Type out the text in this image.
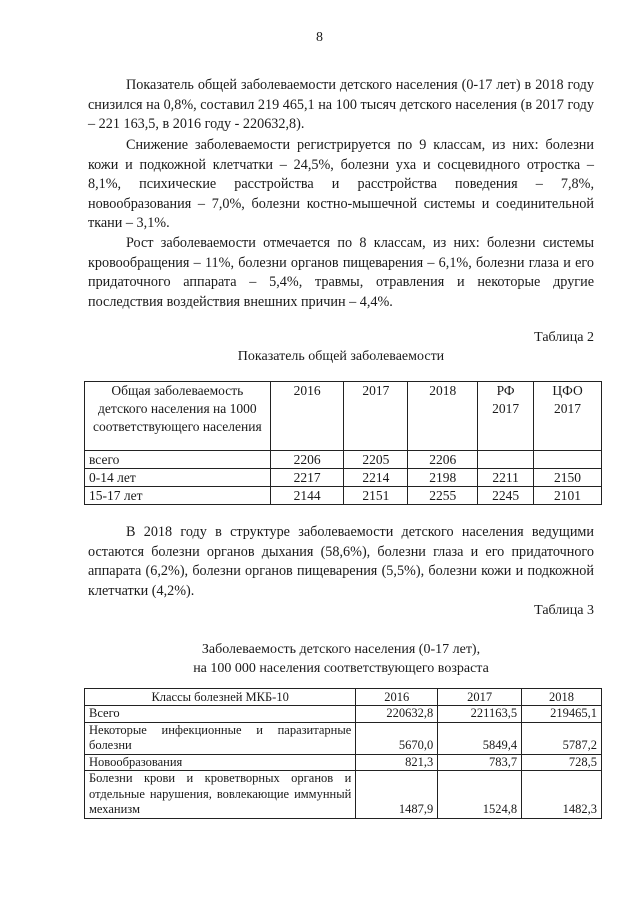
8

Показатель общей заболеваемости детского населения (0-17 лет) в 2018 году снизился на 0,8%, составил 219 465,1 на 100 тысяч детского населения (в 2017 году – 221 163,5, в 2016 году - 220632,8).

Снижение заболеваемости регистрируется по 9 классам, из них: болезни кожи и подкожной клетчатки – 24,5%, болезни уха и сосцевидного отростка – 8,1%, психические расстройства и расстройства поведения – 7,8%, новообразования – 7,0%, болезни костно-мышечной системы и соединительной ткани – 3,1%.

Рост заболеваемости отмечается по 8 классам, из них: болезни системы кровообращения – 11%, болезни органов пищеварения – 6,1%, болезни глаза и его придаточного аппарата – 5,4%, травмы, отравления и некоторые другие последствия воздействия внешних причин – 4,4%.

Таблица 2
Показатель общей заболеваемости
Общая заболеваемость детского населения на 1000 соответствующего населения	2016	2017	2018	РФ 2017	ЦФО 2017
всего	2206	2205	2206		
0-14 лет	2217	2214	2198	2211	2150
15-17 лет	2144	2151	2255	2245	2101

В 2018 году в структуре заболеваемости детского населения ведущими остаются болезни органов дыхания (58,6%), болезни глаза и его придаточного аппарата (6,2%), болезни органов пищеварения (5,5%), болезни кожи и подкожной клетчатки (4,2%).

Таблица 3
Заболеваемость детского населения (0-17 лет),
на 100 000 населения соответствующего возраста
Классы болезней МКБ-10	2016	2017	2018
Всего	220632,8	221163,5	219465,1
Некоторые инфекционные и паразитарные болезни	5670,0	5849,4	5787,2
Новообразования	821,3	783,7	728,5
Болезни крови и кроветворных органов и отдельные нарушения, вовлекающие иммунный механизм	1487,9	1524,8	1482,3
